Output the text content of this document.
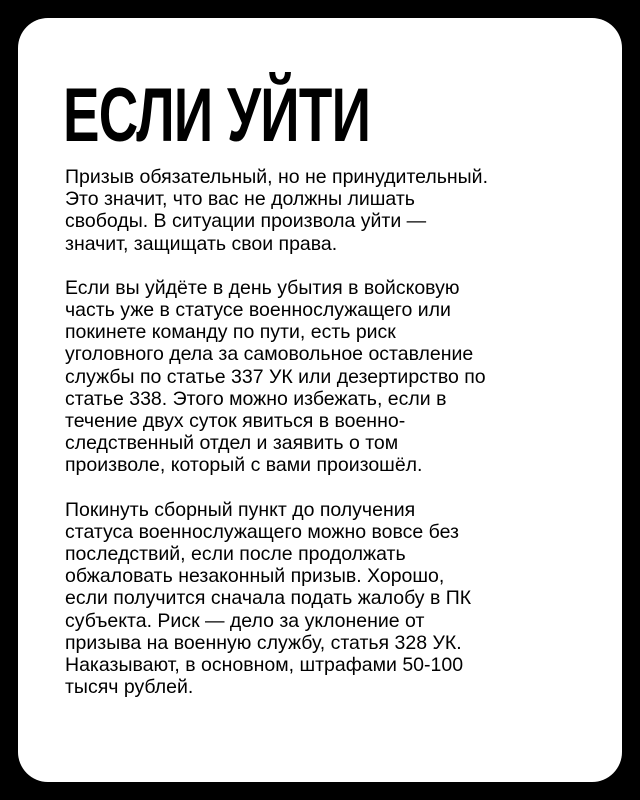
ЕСЛИ УЙТИ

Призыв обязательный, но не принудительный.
Это значит, что вас не должны лишать
свободы. В ситуации произвола уйти —
значит, защищать свои права.

Если вы уйдёте в день убытия в войсковую
часть уже в статусе военнослужащего или
покинете команду по пути, есть риск
уголовного дела за самовольное оставление
службы по статье 337 УК или дезертирство по
статье 338. Этого можно избежать, если в
течение двух суток явиться в военно-
следственный отдел и заявить о том
произволе, который с вами произошёл.

Покинуть сборный пункт до получения
статуса военнослужащего можно вовсе без
последствий, если после продолжать
обжаловать незаконный призыв. Хорошо,
если получится сначала подать жалобу в ПК
субъекта. Риск — дело за уклонение от
призыва на военную службу, статья 328 УК.
Наказывают, в основном, штрафами 50-100
тысяч рублей.
